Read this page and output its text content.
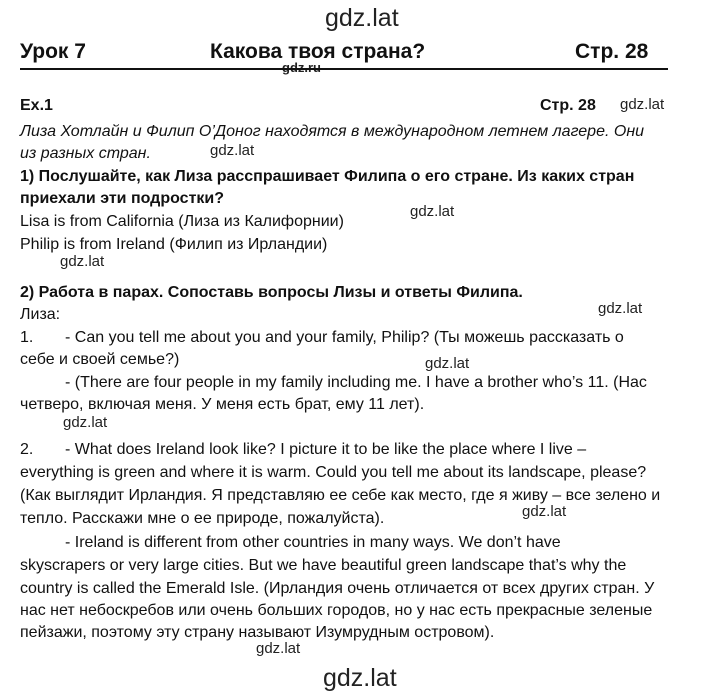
gdz.lat
gdz.lat
gdz.lat
gdz.lat
gdz.lat
gdz.lat
gdz.lat
gdz.lat
gdz.lat
gdz.lat
gdz.lat
Урок 7	Какова твоя страна?	Стр. 28
Ex.1	Стр. 28
Лиза Хотлайн и Филип О’Доног находятся в международном летнем лагере. Они
из разных стран.
1) Послушайте, как Лиза расспрашивает Филипа о его стране. Из каких стран
приехали эти подростки?
Lisa is from California (Лиза из Калифорнии)
Philip is from Ireland (Филип из Ирландии)
2) Работа в парах. Сопоставь вопросы Лизы и ответы Филипа.
Лиза:
1. - Can you tell me about you and your family, Philip? (Ты можешь рассказать о
себе и своей семье?)
- (There are four people in my family including me. I have a brother who’s 11. (Нас
четверо, включая меня. У меня есть брат, ему 11 лет).
2. - What does Ireland look like? I picture it to be like the place where I live –
everything is green and where it is warm. Could you tell me about its landscape, please?
(Как выглядит Ирландия. Я представляю ее себе как место, где я живу – все зелено и
тепло. Расскажи мне о ее природе, пожалуйста).
- Ireland is different from other countries in many ways. We don’t have
skyscrapers or very large cities. But we have beautiful green landscape that’s why the
country is called the Emerald Isle. (Ирландия очень отличается от всех других стран. У
нас нет небоскребов или очень больших городов, но у нас есть прекрасные зеленые
пейзажи, поэтому эту страну называют Изумрудным островом).
